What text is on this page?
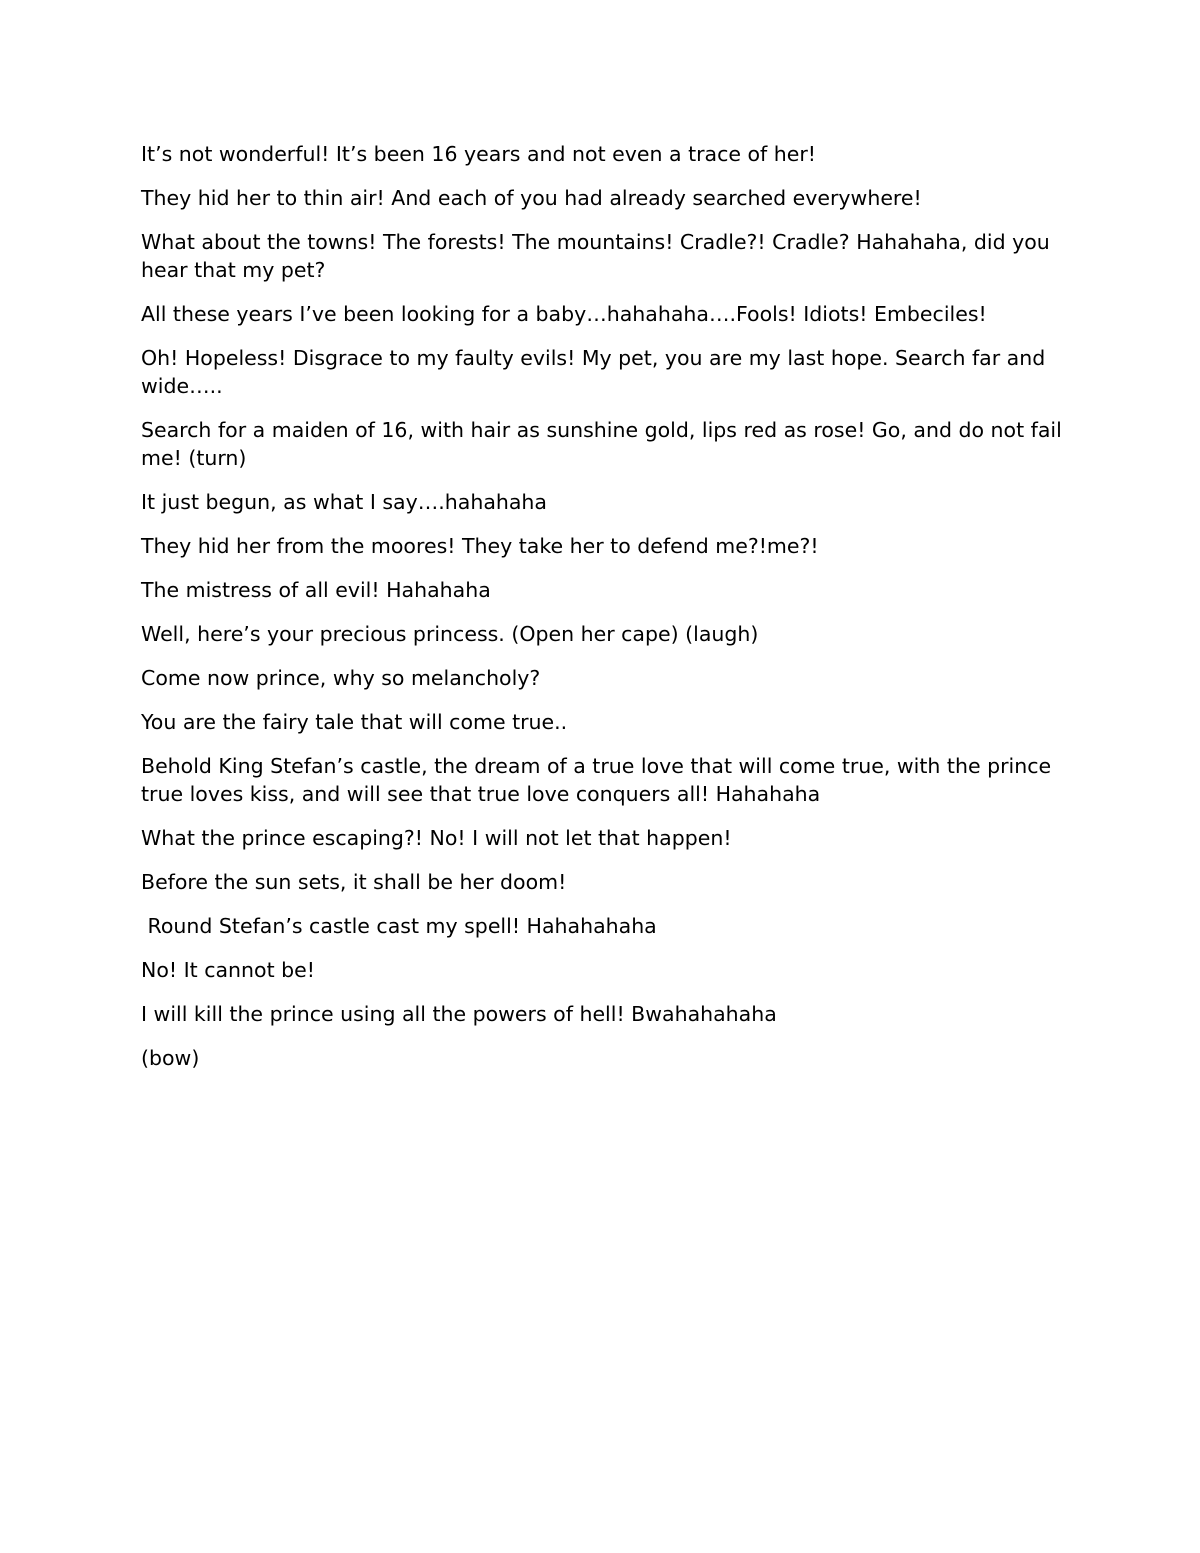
It’s not wonderful! It’s been 16 years and not even a trace of her!

They hid her to thin air! And each of you had already searched everywhere!

What about the towns! The forests! The mountains! Cradle?! Cradle? Hahahaha, did you hear that my pet?

All these years I’ve been looking for a baby…hahahaha….Fools! Idiots! Embeciles!

Oh! Hopeless! Disgrace to my faulty evils! My pet, you are my last hope. Search far and wide…..

Search for a maiden of 16, with hair as sunshine gold, lips red as rose! Go, and do not fail me! (turn)

It just begun, as what I say….hahahaha

They hid her from the moores! They take her to defend me?!me?!

The mistress of all evil! Hahahaha

Well, here’s your precious princess. (Open her cape) (laugh)

Come now prince, why so melancholy?

You are the fairy tale that will come true..

Behold King Stefan’s castle, the dream of a true love that will come true, with the prince true loves kiss, and will see that true love conquers all! Hahahaha

What the prince escaping?! No! I will not let that happen!

Before the sun sets, it shall be her doom!

Round Stefan’s castle cast my spell! Hahahahaha

No! It cannot be!

I will kill the prince using all the powers of hell! Bwahahahaha

(bow)
